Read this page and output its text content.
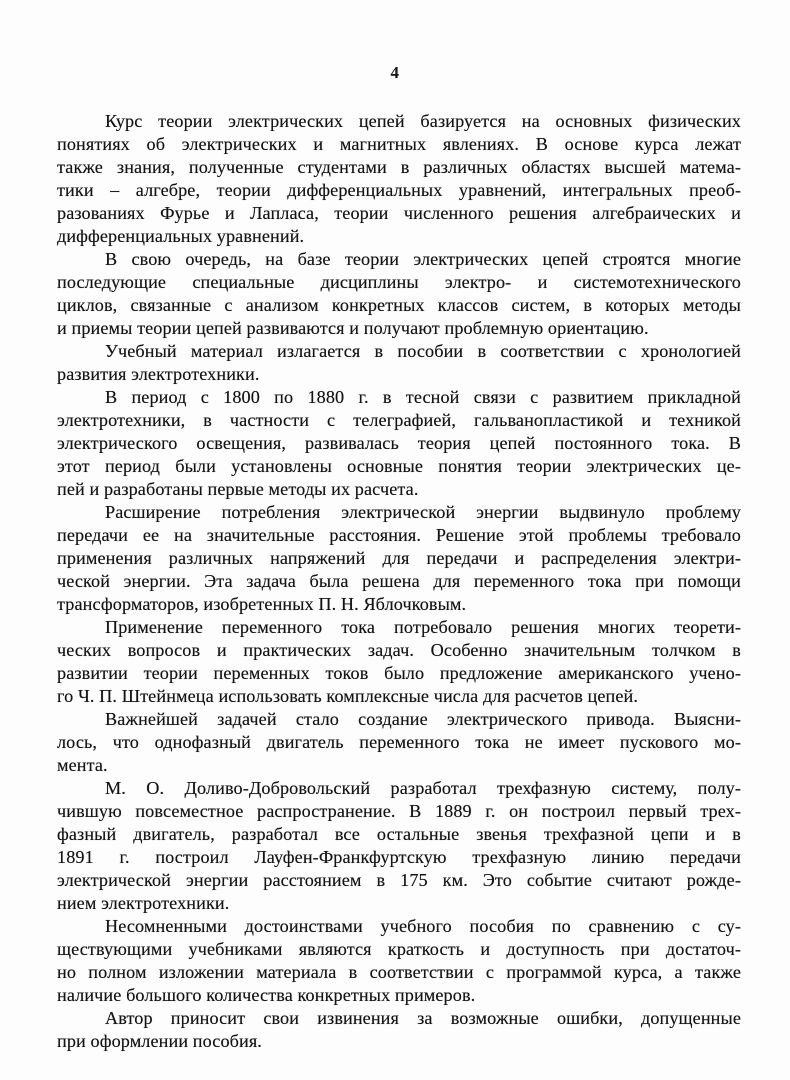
4
Курс теории электрических цепей базируется на основных физических
понятиях об электрических и магнитных явлениях. В основе курса лежат
также знания, полученные студентами в различных областях высшей матема-
тики – алгебре, теории дифференциальных уравнений, интегральных преоб-
разованиях Фурье и Лапласа, теории численного решения алгебраических и
дифференциальных уравнений.
В свою очередь, на базе теории электрических цепей строятся многие
последующие специальные дисциплины электро- и системотехнического
циклов, связанные с анализом конкретных классов систем, в которых методы
и приемы теории цепей развиваются и получают проблемную ориентацию.
Учебный материал излагается в пособии в соответствии с хронологией
развития электротехники.
В период с 1800 по 1880 г. в тесной связи с развитием прикладной
электротехники, в частности с телеграфией, гальванопластикой и техникой
электрического освещения, развивалась теория цепей постоянного тока. В
этот период были установлены основные понятия теории электрических це-
пей и разработаны первые методы их расчета.
Расширение потребления электрической энергии выдвинуло проблему
передачи ее на значительные расстояния. Решение этой проблемы требовало
применения различных напряжений для передачи и распределения электри-
ческой энергии. Эта задача была решена для переменного тока при помощи
трансформаторов, изобретенных П. Н. Яблочковым.
Применение переменного тока потребовало решения многих теорети-
ческих вопросов и практических задач. Особенно значительным толчком в
развитии теории переменных токов было предложение американского учено-
го Ч. П. Штейнмеца использовать комплексные числа для расчетов цепей.
Важнейшей задачей стало создание электрического привода. Выясни-
лось, что однофазный двигатель переменного тока не имеет пускового мо-
мента.
М. О. Доливо-Добровольский разработал трехфазную систему, полу-
чившую повсеместное распространение. В 1889 г. он построил первый трех-
фазный двигатель, разработал все остальные звенья трехфазной цепи и в
1891 г. построил Лауфен-Франкфуртскую трехфазную линию передачи
электрической энергии расстоянием в 175 км. Это событие считают рожде-
нием электротехники.
Несомненными достоинствами учебного пособия по сравнению с су-
ществующими учебниками являются краткость и доступность при достаточ-
но полном изложении материала в соответствии с программой курса, а также
наличие большого количества конкретных примеров.
Автор приносит свои извинения за возможные ошибки, допущенные
при оформлении пособия.
